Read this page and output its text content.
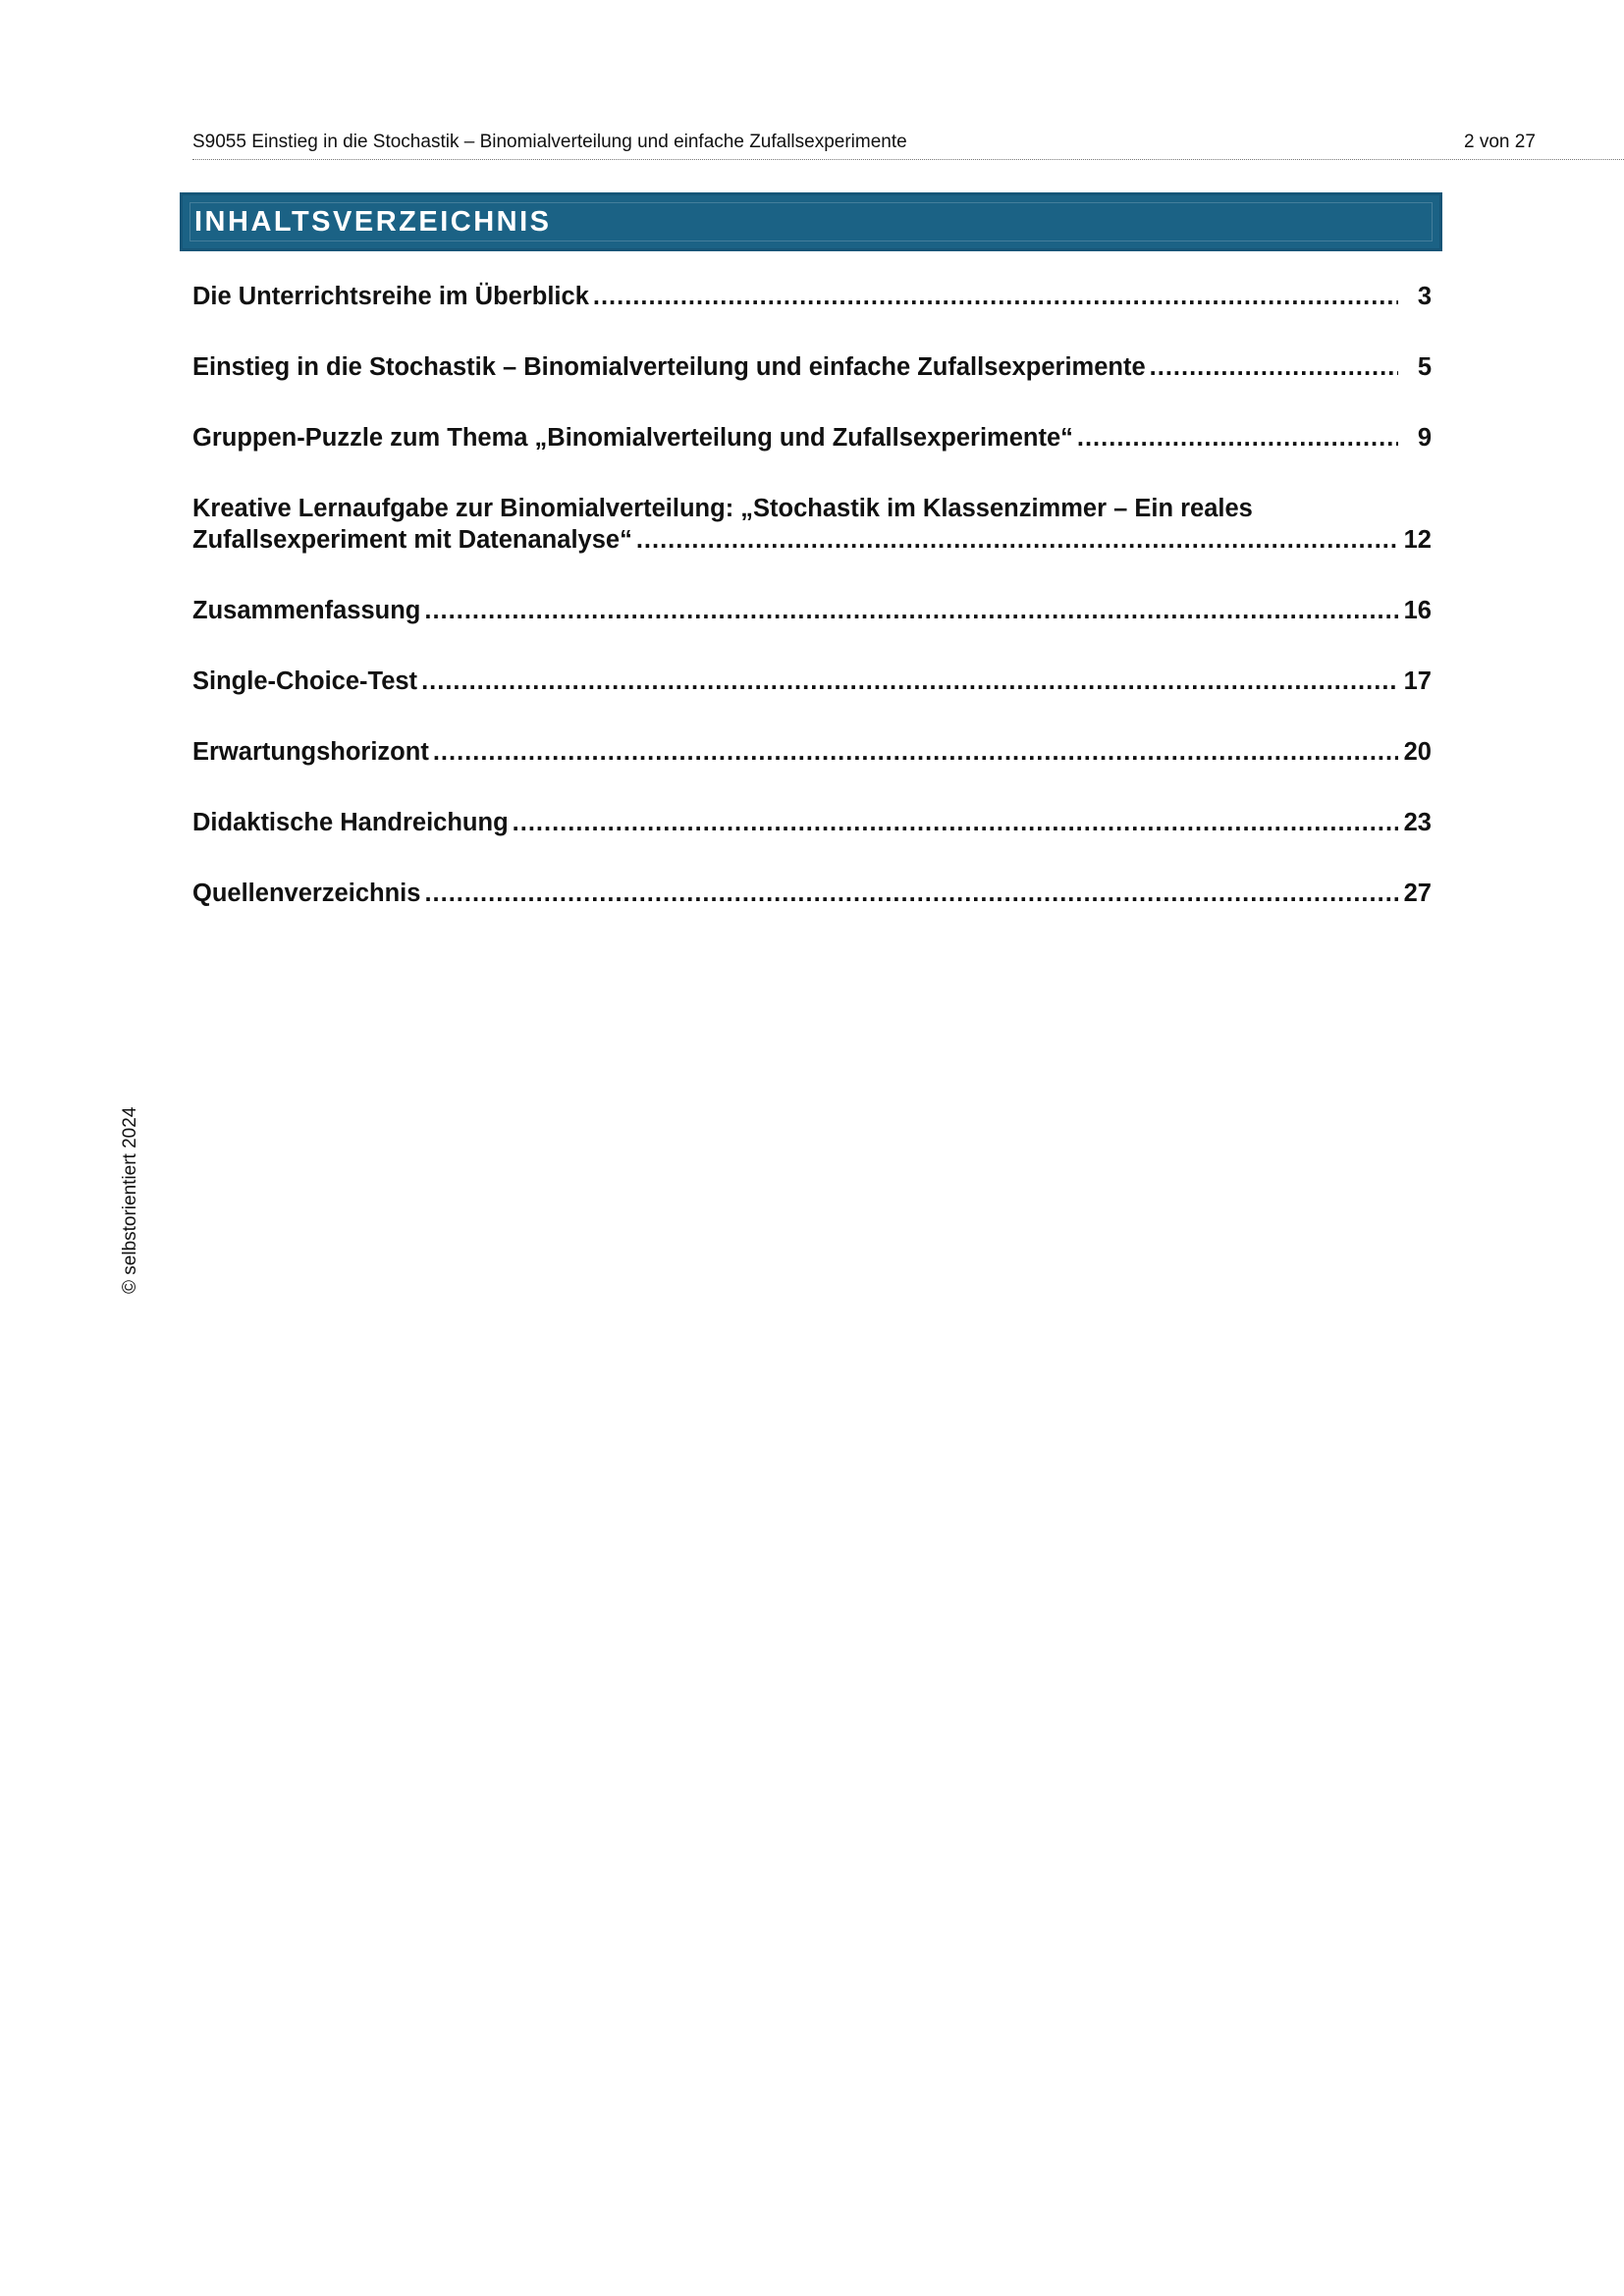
S9055 Einstieg in die Stochastik – Binomialverteilung und einfache Zufallsexperimente	2 von 27
INHALTSVERZEICHNIS
Die Unterrichtsreihe im Überblick .....	3
Einstieg in die Stochastik – Binomialverteilung und einfache Zufallsexperimente .....	5
Gruppen-Puzzle zum Thema „Binomialverteilung und Zufallsexperimente“ .....	9
Kreative Lernaufgabe zur Binomialverteilung: „Stochastik im Klassenzimmer – Ein reales
Zufallsexperiment mit Datenanalyse“ .....	12
Zusammenfassung .....	16
Single-Choice-Test .....	17
Erwartungshorizont .....	20
Didaktische Handreichung .....	23
Quellenverzeichnis .....	27
© selbstorientiert 2024
